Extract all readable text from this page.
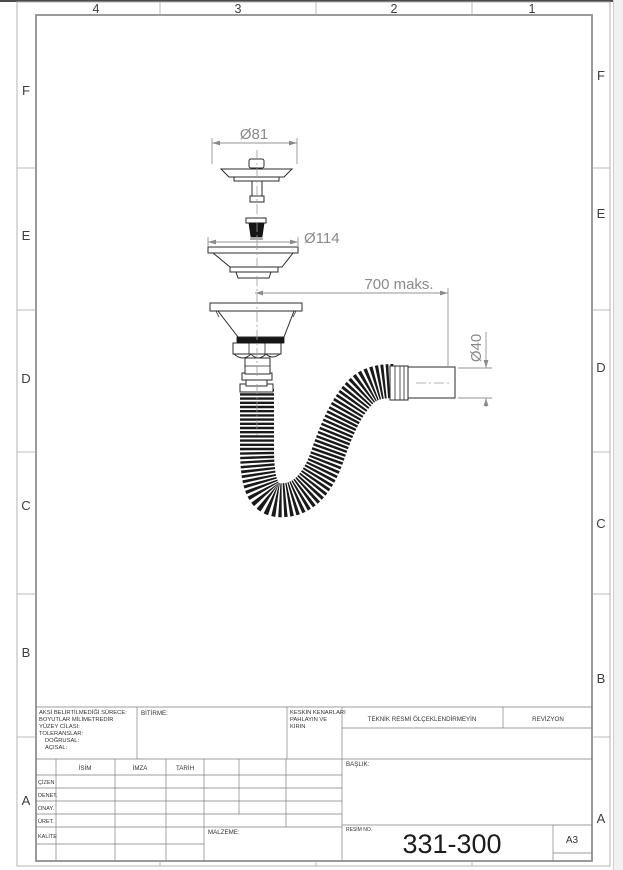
4	3	2	1
F
E
D
C
B
A
F
E
D
C
B
A
Ø81
Ø114
700 maks.
Ø40
AKSİ BELİRTİLMEDİĞİ SÜRECE:
BOYUTLAR MİLİMETREDİR
YÜZEY CİLASI:
TOLERANSLAR:
DOĞRUSAL:
AÇISAL:
BİTİRME:	KESKİN KENARLARI
PAHLAYIN VE
KIRIN
TEKNİK RESMİ ÖLÇEKLENDİRMEYİN	REVİZYON
BAŞLIK:
İSİM	İMZA	TARİH
ÇİZEN
DENET.
ONAY.
ÜRET.
KALİTE
MALZEME:	RESİM NO. 331-300	A3
